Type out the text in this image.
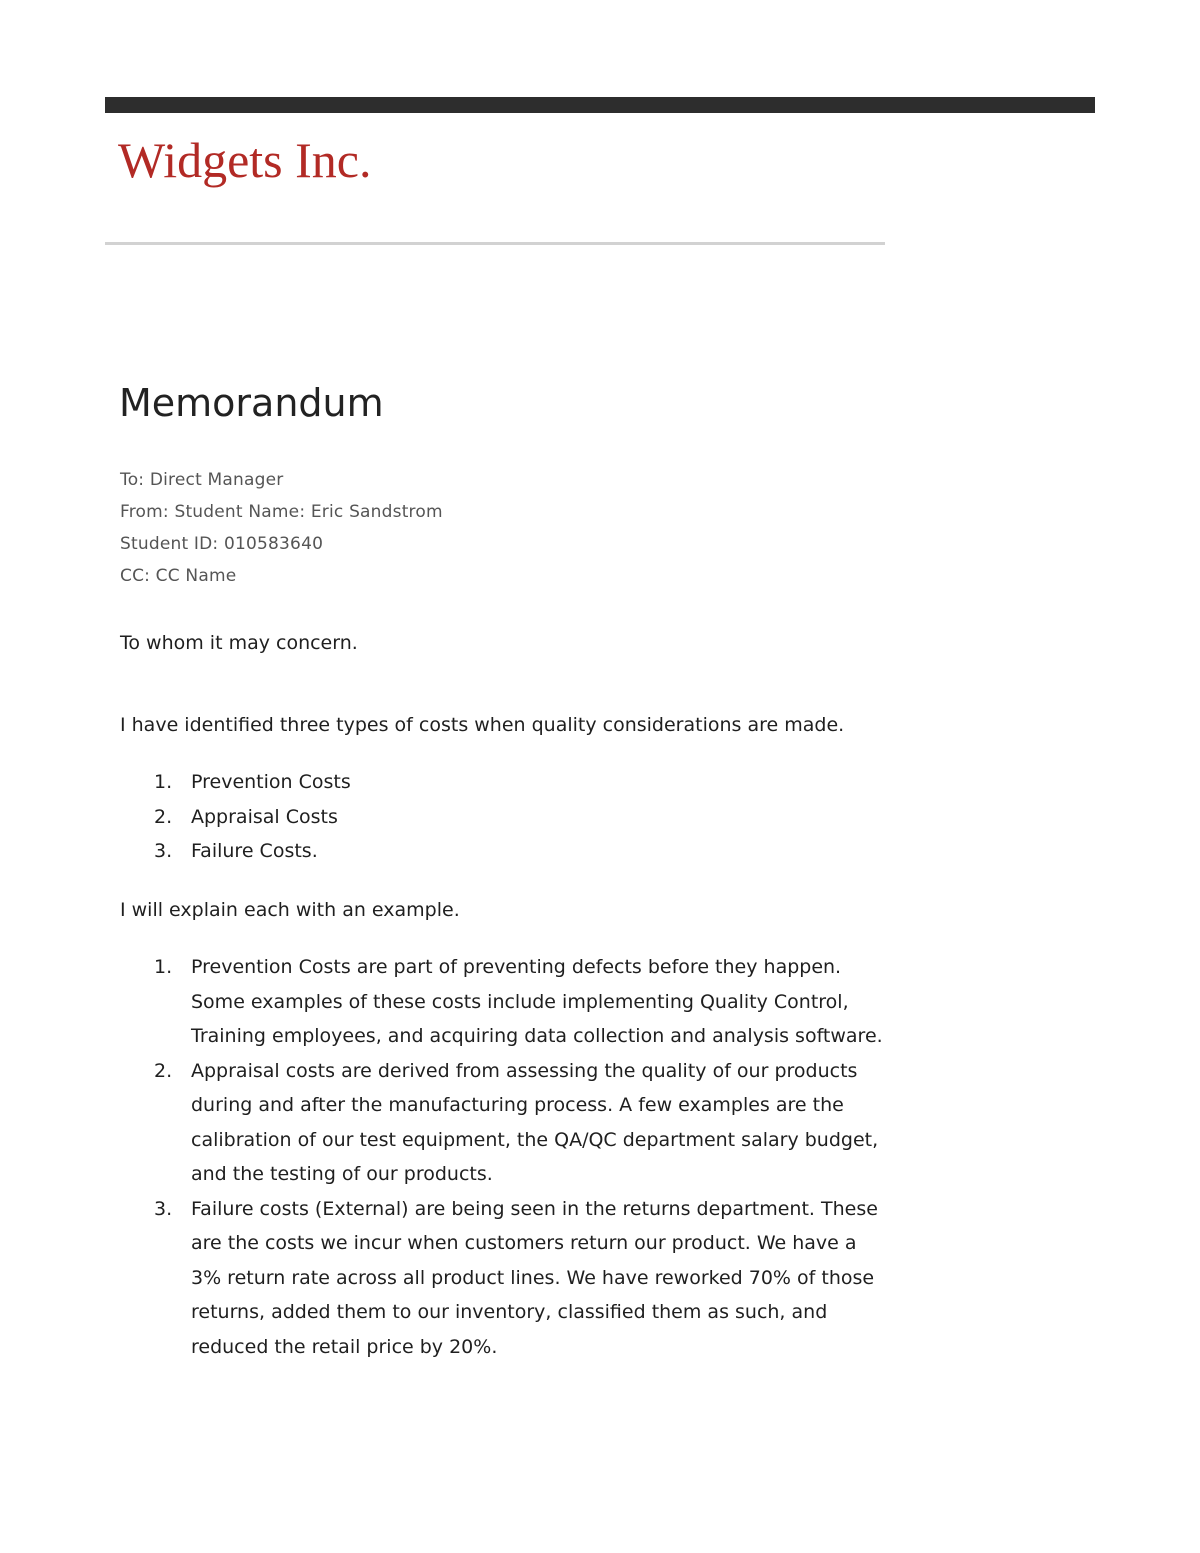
Widgets Inc.
Memorandum
To: Direct Manager
From: Student Name: Eric Sandstrom
Student ID: 010583640
CC: CC Name
To whom it may concern.
I have identified three types of costs when quality considerations are made.
1. Prevention Costs
2. Appraisal Costs
3. Failure Costs.
I will explain each with an example.
1. Prevention Costs are part of preventing defects before they happen.
Some examples of these costs include implementing Quality Control,
Training employees, and acquiring data collection and analysis software.
2. Appraisal costs are derived from assessing the quality of our products
during and after the manufacturing process. A few examples are the
calibration of our test equipment, the QA/QC department salary budget,
and the testing of our products.
3. Failure costs (External) are being seen in the returns department. These
are the costs we incur when customers return our product. We have a
3% return rate across all product lines. We have reworked 70% of those
returns, added them to our inventory, classified them as such, and
reduced the retail price by 20%.
